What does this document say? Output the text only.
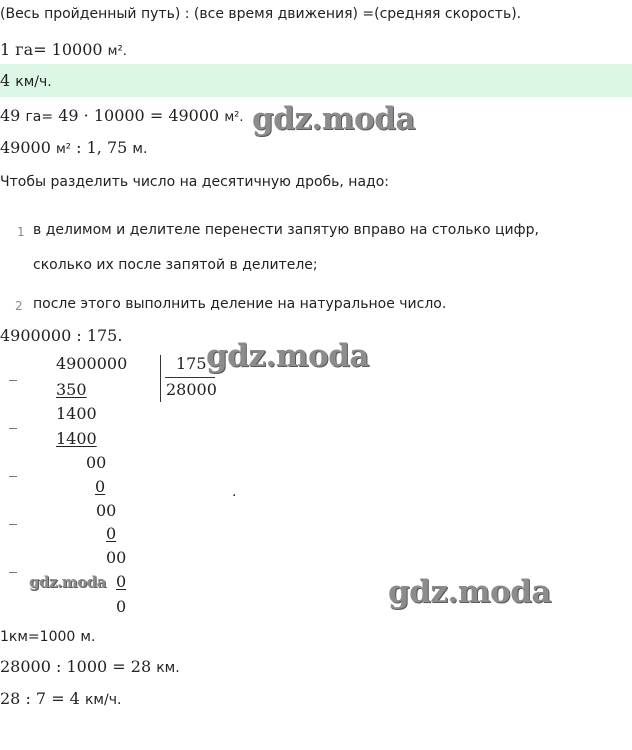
(Весь пройденный путь) : (все время движения) =(средняя скорость).
1 га= 10000 м².
4 км/ч.
49 га= 49 · 10000 = 49000 м².
49000 м² : 1, 75 м.
Чтобы разделить число на десятичную дробь, надо:
1 в делимом и делителе перенести запятую вправо на столько цифр,
сколько их после запятой в делителе;
2 после этого выполнить деление на натуральное число.
4900000 : 175.
4900000	175
28000
_
350
1400
_
1400
00
_
0
00
_
0
00
_
0
0
.
1км=1000 м.
28000 : 1000 = 28 км.
28 : 7 = 4 км/ч.
gdz.moda
gdz.moda
gdz.moda	gdz.moda
